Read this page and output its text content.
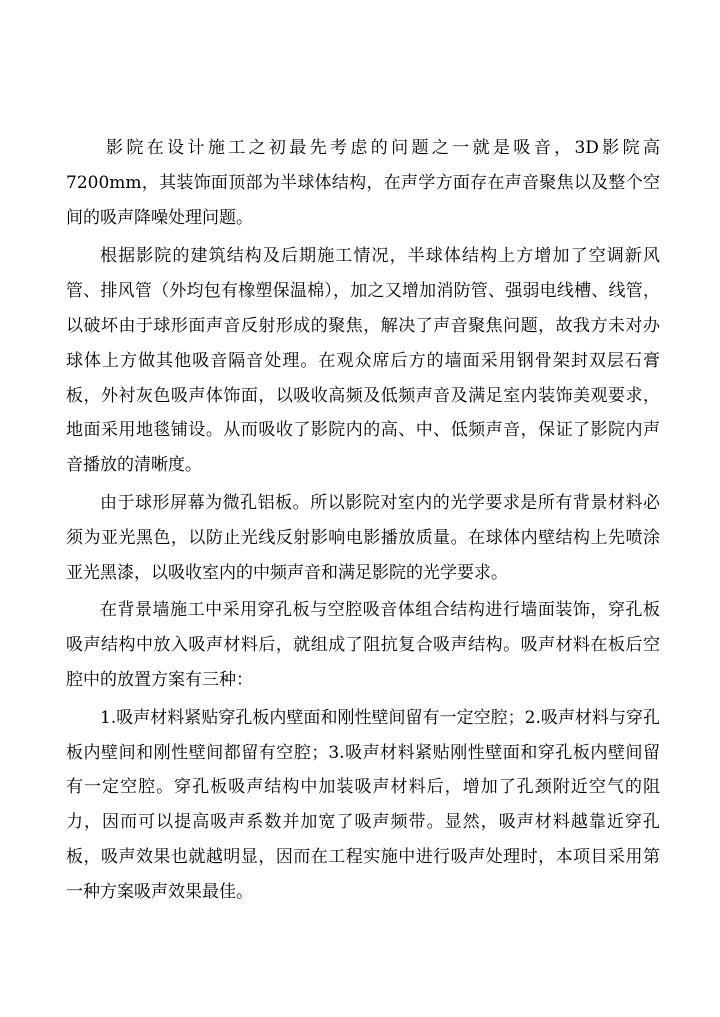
影院在设计施工之初最先考虑的问题之一就是吸音，3D影院高 7200mm，其装饰面顶部为半球体结构，在声学方面存在声音聚焦以及整个空间的吸声降噪处理问题。

根据影院的建筑结构及后期施工情况，半球体结构上方增加了空调新风管、排风管（外均包有橡塑保温棉），加之又增加消防管、强弱电线槽、线管，以破坏由于球形面声音反射形成的聚焦，解决了声音聚焦问题，故我方未对办球体上方做其他吸音隔音处理。在观众席后方的墙面采用钢骨架封双层石膏板，外衬灰色吸声体饰面，以吸收高频及低频声音及满足室内装饰美观要求，地面采用地毯铺设。从而吸收了影院内的高、中、低频声音，保证了影院内声音播放的清晰度。

由于球形屏幕为微孔铝板。所以影院对室内的光学要求是所有背景材料必须为亚光黑色，以防止光线反射影响电影播放质量。在球体内壁结构上先喷涂亚光黑漆，以吸收室内的中频声音和满足影院的光学要求。

在背景墙施工中采用穿孔板与空腔吸音体组合结构进行墙面装饰，穿孔板吸声结构中放入吸声材料后，就组成了阻抗复合吸声结构。吸声材料在板后空腔中的放置方案有三种：

1.吸声材料紧贴穿孔板内壁面和刚性壁间留有一定空腔；2.吸声材料与穿孔板内壁间和刚性壁间都留有空腔；3.吸声材料紧贴刚性壁面和穿孔板内壁间留有一定空腔。穿孔板吸声结构中加装吸声材料后，增加了孔颈附近空气的阻力，因而可以提高吸声系数并加宽了吸声频带。显然，吸声材料越靠近穿孔板，吸声效果也就越明显，因而在工程实施中进行吸声处理时，本项目采用第一种方案吸声效果最佳。
